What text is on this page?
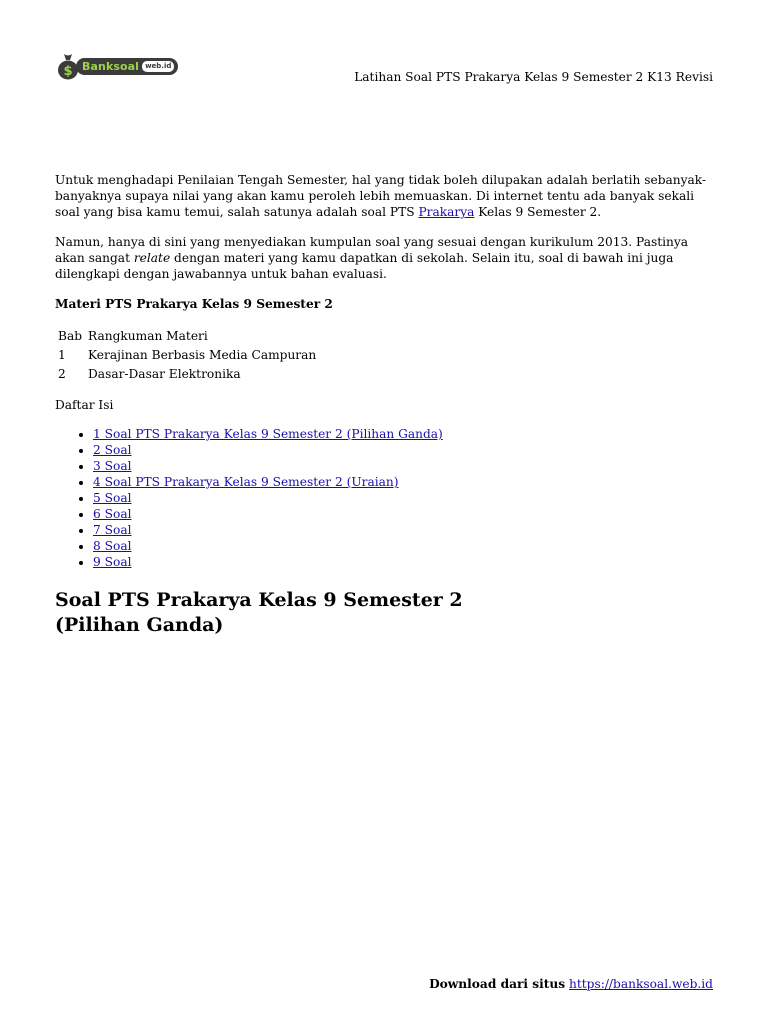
$ Banksoal web.id
Latihan Soal PTS Prakarya Kelas 9 Semester 2 K13 Revisi

Untuk menghadapi Penilaian Tengah Semester, hal yang tidak boleh dilupakan adalah berlatih sebanyak-banyaknya supaya nilai yang akan kamu peroleh lebih memuaskan. Di internet tentu ada banyak sekali soal yang bisa kamu temui, salah satunya adalah soal PTS Prakarya Kelas 9 Semester 2.

Namun, hanya di sini yang menyediakan kumpulan soal yang sesuai dengan kurikulum 2013. Pastinya akan sangat relate dengan materi yang kamu dapatkan di sekolah. Selain itu, soal di bawah ini juga dilengkapi dengan jawabannya untuk bahan evaluasi.

Materi PTS Prakarya Kelas 9 Semester 2
Bab	Rangkuman Materi
1	Kerajinan Berbasis Media Campuran
2	Dasar-Dasar Elektronika
Daftar Isi
• 1 Soal PTS Prakarya Kelas 9 Semester 2 (Pilihan Ganda)
• 2 Soal
• 3 Soal
• 4 Soal PTS Prakarya Kelas 9 Semester 2 (Uraian)
• 5 Soal
• 6 Soal
• 7 Soal
• 8 Soal
• 9 Soal
Soal PTS Prakarya Kelas 9 Semester 2 (Pilihan Ganda)
Download dari situs https://banksoal.web.id
